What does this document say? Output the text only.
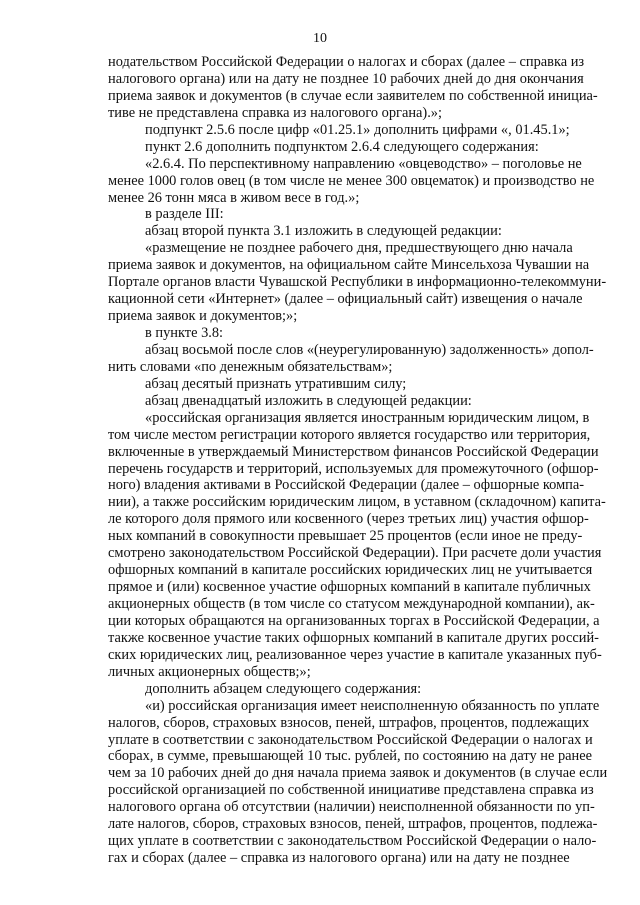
10
нодательством Российской Федерации о налогах и сборах (далее – справка из
налогового органа) или на дату не позднее 10 рабочих дней до дня окончания
приема заявок и документов (в случае если заявителем по собственной инициа-
тиве не представлена справка из налогового органа).»;
подпункт 2.5.6 после цифр «01.25.1» дополнить цифрами «, 01.45.1»;
пункт 2.6 дополнить подпунктом 2.6.4 следующего содержания:
«2.6.4. По перспективному направлению «овцеводство» – поголовье не
менее 1000 голов овец (в том числе не менее 300 овцематок) и производство не
менее 26 тонн мяса в живом весе в год.»;
в разделе III:
абзац второй пункта 3.1 изложить в следующей редакции:
«размещение не позднее рабочего дня, предшествующего дню начала
приема заявок и документов, на официальном сайте Минсельхоза Чувашии на
Портале органов власти Чувашской Республики в информационно-телекоммуни-
кационной сети «Интернет» (далее – официальный сайт) извещения о начале
приема заявок и документов;»;
в пункте 3.8:
абзац восьмой после слов «(неурегулированную) задолженность» допол-
нить словами «по денежным обязательствам»;
абзац десятый признать утратившим силу;
абзац двенадцатый изложить в следующей редакции:
«российская организация является иностранным юридическим лицом, в
том числе местом регистрации которого является государство или территория,
включенные в утверждаемый Министерством финансов Российской Федерации
перечень государств и территорий, используемых для промежуточного (офшор-
ного) владения активами в Российской Федерации (далее – офшорные компа-
нии), а также российским юридическим лицом, в уставном (складочном) капита-
ле которого доля прямого или косвенного (через третьих лиц) участия офшор-
ных компаний в совокупности превышает 25 процентов (если иное не преду-
смотрено законодательством Российской Федерации). При расчете доли участия
офшорных компаний в капитале российских юридических лиц не учитывается
прямое и (или) косвенное участие офшорных компаний в капитале публичных
акционерных обществ (в том числе со статусом международной компании), ак-
ции которых обращаются на организованных торгах в Российской Федерации, а
также косвенное участие таких офшорных компаний в капитале других россий-
ских юридических лиц, реализованное через участие в капитале указанных пуб-
личных акционерных обществ;»;
дополнить абзацем следующего содержания:
«и) российская организация имеет неисполненную обязанность по уплате
налогов, сборов, страховых взносов, пеней, штрафов, процентов, подлежащих
уплате в соответствии с законодательством Российской Федерации о налогах и
сборах, в сумме, превышающей 10 тыс. рублей, по состоянию на дату не ранее
чем за 10 рабочих дней до дня начала приема заявок и документов (в случае если
российской организацией по собственной инициативе представлена справка из
налогового органа об отсутствии (наличии) неисполненной обязанности по уп-
лате налогов, сборов, страховых взносов, пеней, штрафов, процентов, подлежа-
щих уплате в соответствии с законодательством Российской Федерации о нало-
гах и сборах (далее – справка из налогового органа) или на дату не позднее
